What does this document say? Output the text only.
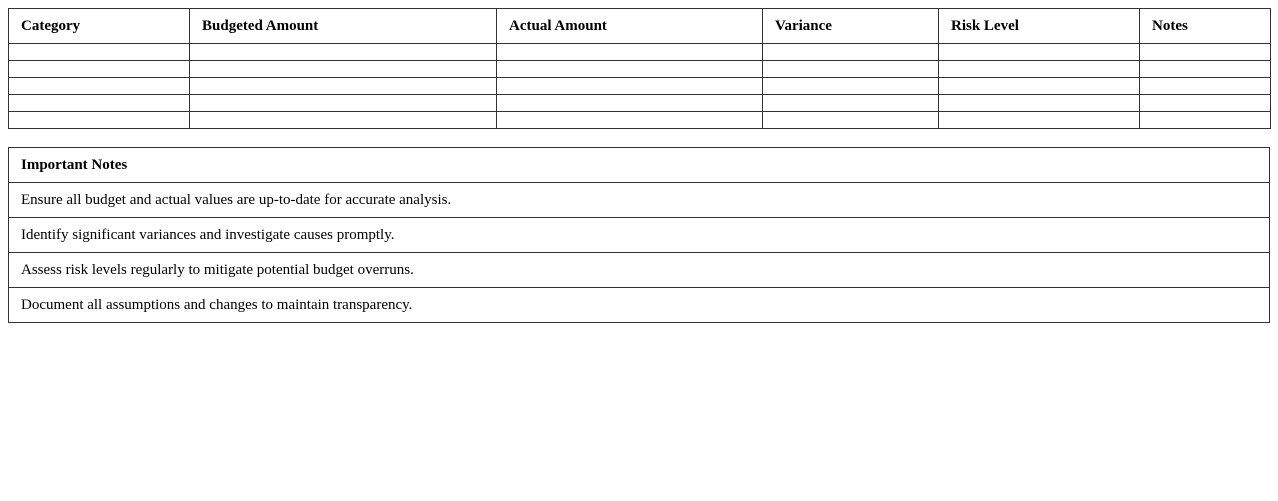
Category	Budgeted Amount	Actual Amount	Variance	Risk Level	Notes

Important Notes
Ensure all budget and actual values are up-to-date for accurate analysis.
Identify significant variances and investigate causes promptly.
Assess risk levels regularly to mitigate potential budget overruns.
Document all assumptions and changes to maintain transparency.
